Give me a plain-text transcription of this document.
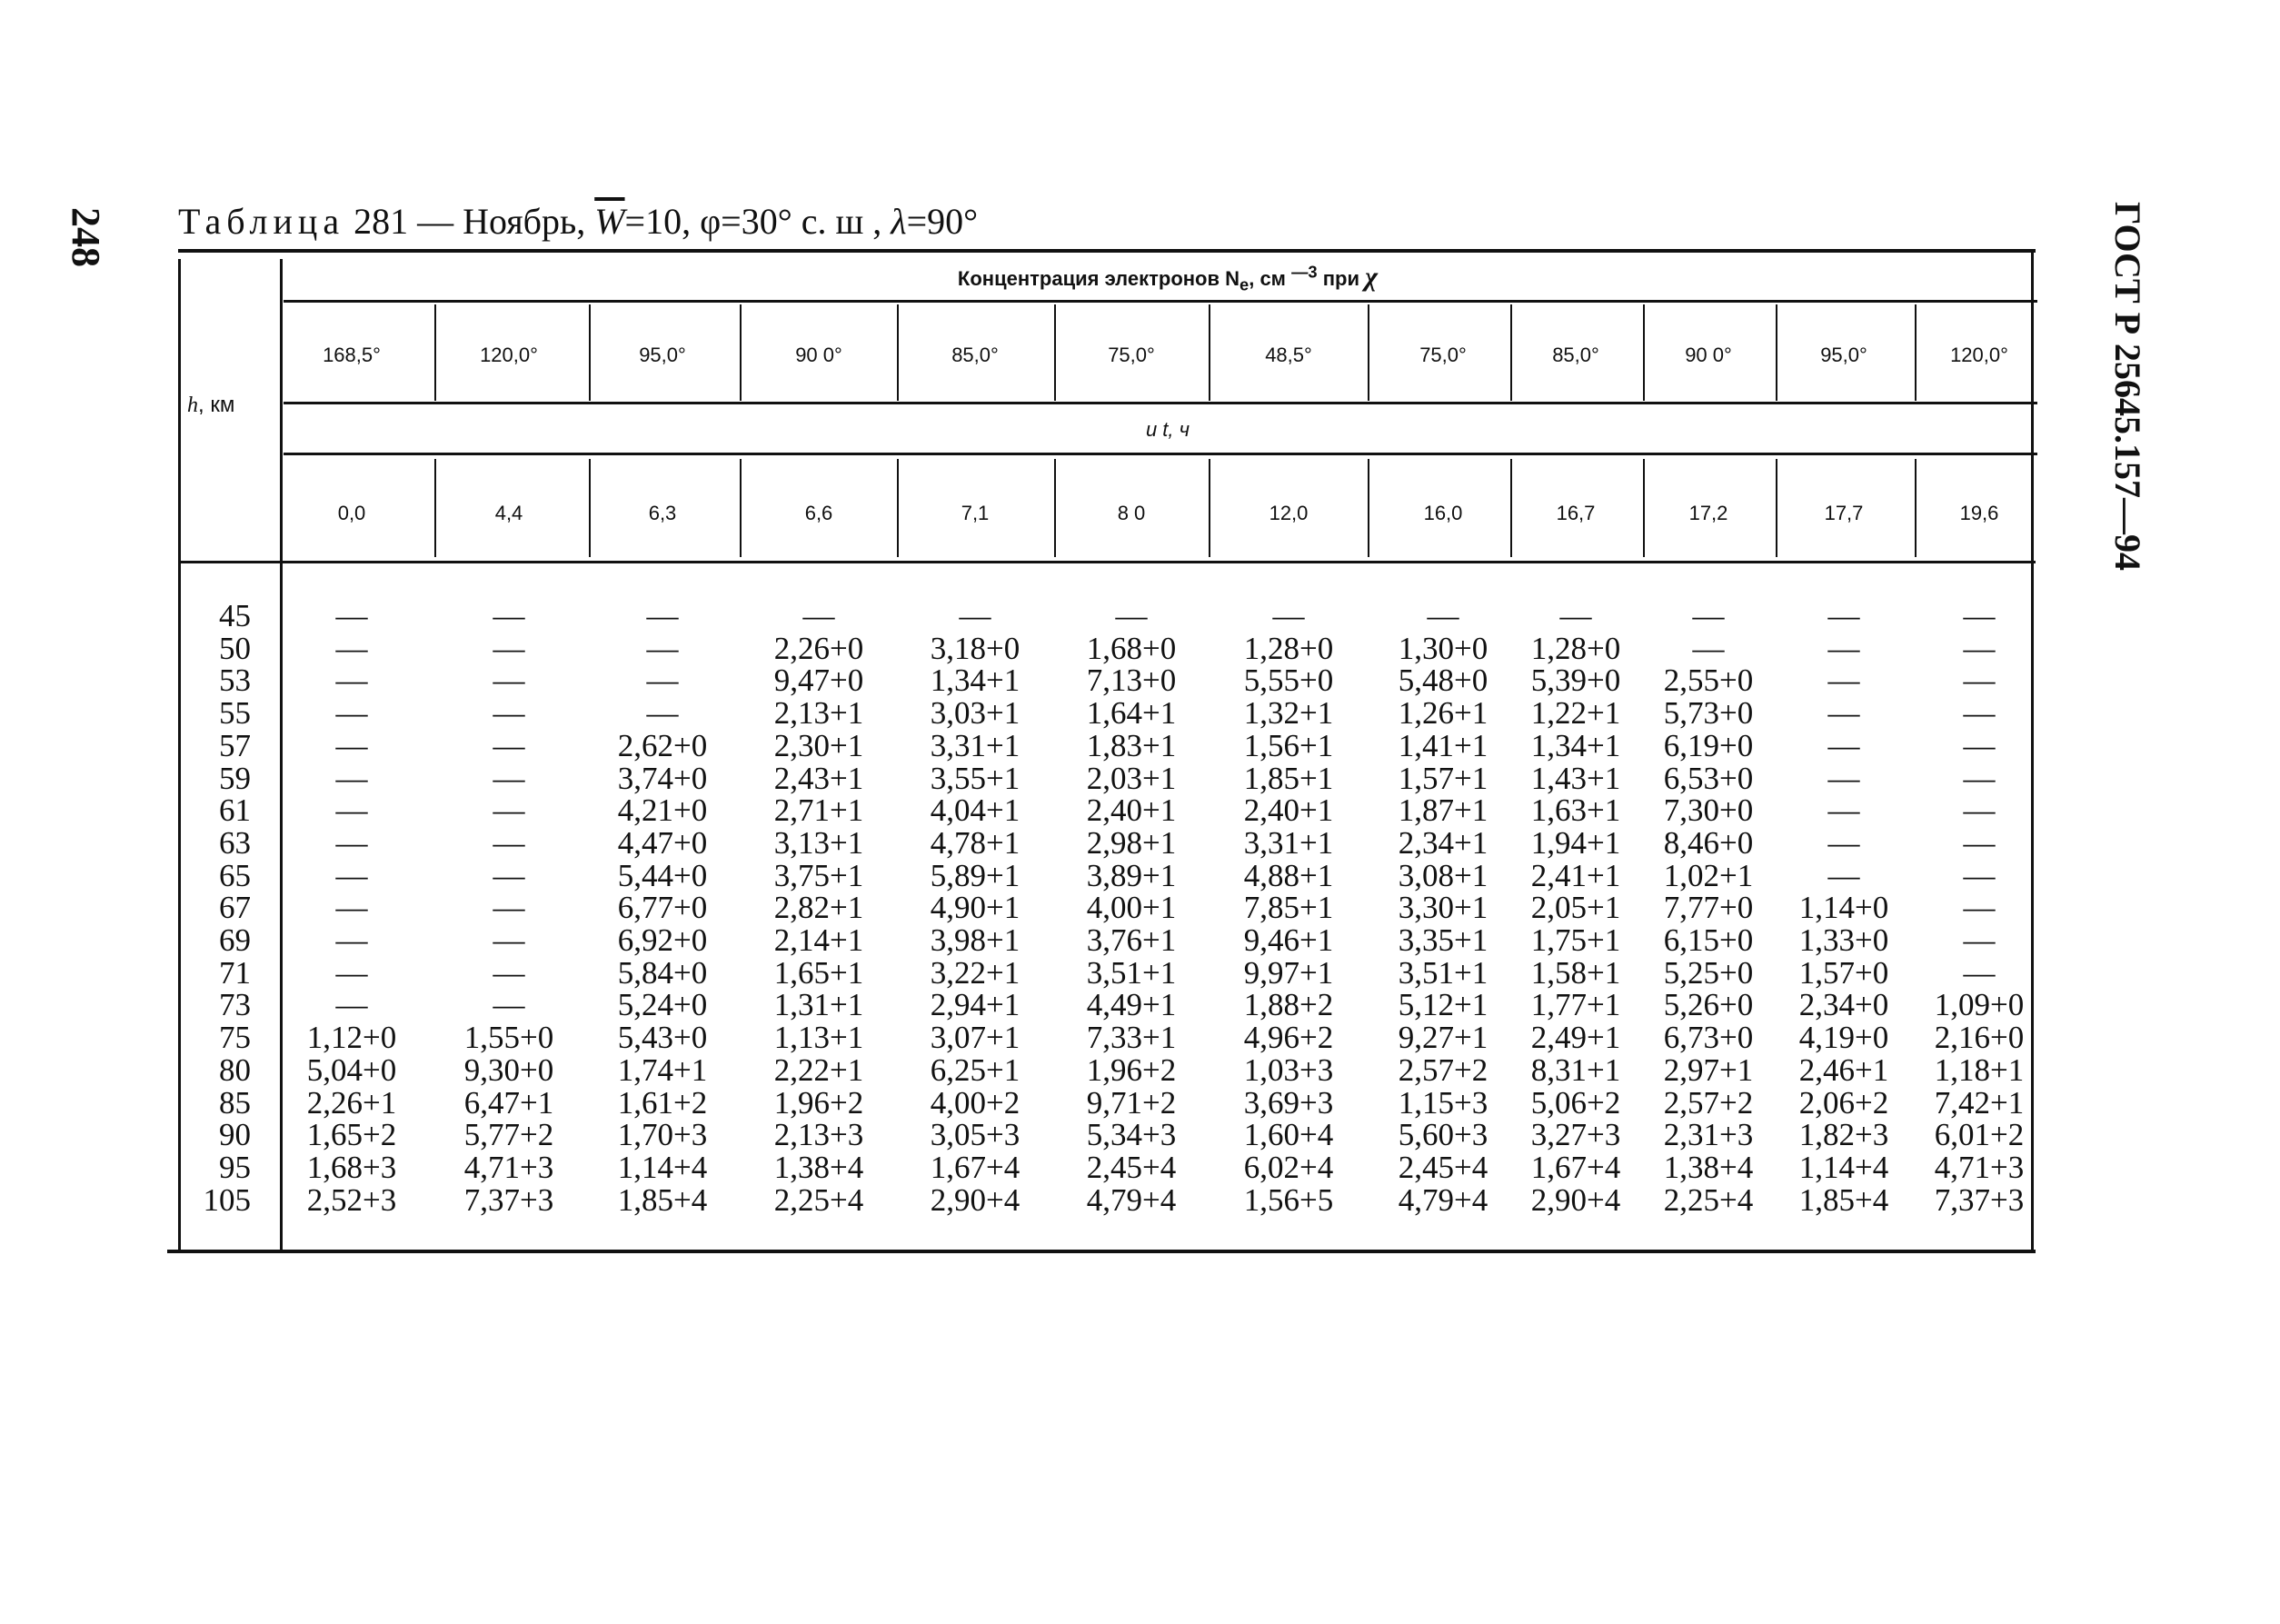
248	ГОСТ Р 25645.157—94
Таблица 281 — Ноябрь, $\overline{W}=10$, φ=30° с. ш , λ=90°
Концентрация электронов $N_e$, см $^{—3}$ при χ
h, км
и t, ч
168,5°	120,0°	95,0°	90 0°	85,0°	75,0°	48,5°	75,0°	85,0°	90 0°	95,0°	120,0°
0,0	4,4	6,3	6,6	7,1	8 0	12,0	16,0	16,7	17,2	17,7	19,6
45	—	—	—	—	—	—	—	—	—	—	—	—
50	—	—	—	2,26+0	3,18+0	1,68+0	1,28+0	1,30+0	1,28+0	—	—	—
53	—	—	—	9,47+0	1,34+1	7,13+0	5,55+0	5,48+0	5,39+0	2,55+0	—	—
55	—	—	—	2,13+1	3,03+1	1,64+1	1,32+1	1,26+1	1,22+1	5,73+0	—	—
57	—	—	2,62+0	2,30+1	3,31+1	1,83+1	1,56+1	1,41+1	1,34+1	6,19+0	—	—
59	—	—	3,74+0	2,43+1	3,55+1	2,03+1	1,85+1	1,57+1	1,43+1	6,53+0	—	—
61	—	—	4,21+0	2,71+1	4,04+1	2,40+1	2,40+1	1,87+1	1,63+1	7,30+0	—	—
63	—	—	4,47+0	3,13+1	4,78+1	2,98+1	3,31+1	2,34+1	1,94+1	8,46+0	—	—
65	—	—	5,44+0	3,75+1	5,89+1	3,89+1	4,88+1	3,08+1	2,41+1	1,02+1	—	—
67	—	—	6,77+0	2,82+1	4,90+1	4,00+1	7,85+1	3,30+1	2,05+1	7,77+0	1,14+0	—
69	—	—	6,92+0	2,14+1	3,98+1	3,76+1	9,46+1	3,35+1	1,75+1	6,15+0	1,33+0	—
71	—	—	5,84+0	1,65+1	3,22+1	3,51+1	9,97+1	3,51+1	1,58+1	5,25+0	1,57+0	—
73	—	—	5,24+0	1,31+1	2,94+1	4,49+1	1,88+2	5,12+1	1,77+1	5,26+0	2,34+0	1,09+0
75	1,12+0	1,55+0	5,43+0	1,13+1	3,07+1	7,33+1	4,96+2	9,27+1	2,49+1	6,73+0	4,19+0	2,16+0
80	5,04+0	9,30+0	1,74+1	2,22+1	6,25+1	1,96+2	1,03+3	2,57+2	8,31+1	2,97+1	2,46+1	1,18+1
85	2,26+1	6,47+1	1,61+2	1,96+2	4,00+2	9,71+2	3,69+3	1,15+3	5,06+2	2,57+2	2,06+2	7,42+1
90	1,65+2	5,77+2	1,70+3	2,13+3	3,05+3	5,34+3	1,60+4	5,60+3	3,27+3	2,31+3	1,82+3	6,01+2
95	1,68+3	4,71+3	1,14+4	1,38+4	1,67+4	2,45+4	6,02+4	2,45+4	1,67+4	1,38+4	1,14+4	4,71+3
105	2,52+3	7,37+3	1,85+4	2,25+4	2,90+4	4,79+4	1,56+5	4,79+4	2,90+4	2,25+4	1,85+4	7,37+3
